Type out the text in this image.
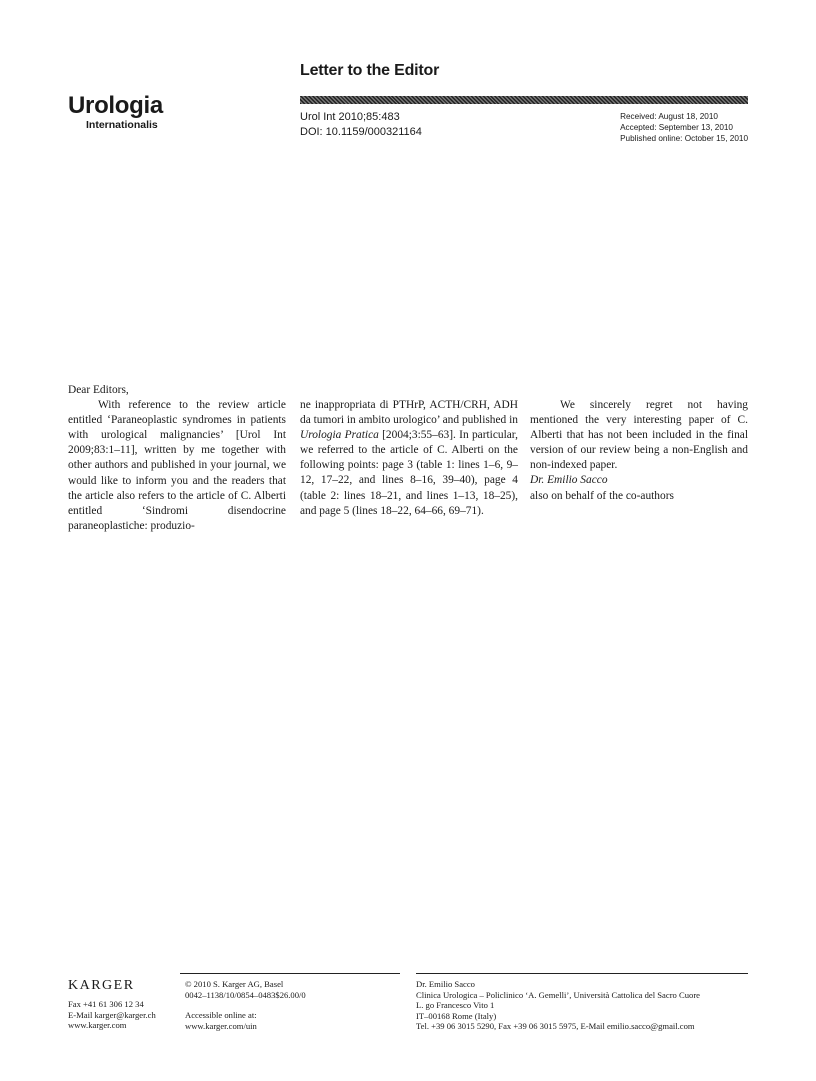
Letter to the Editor
Urologia
Internationalis
Urol Int 2010;85:483
DOI: 10.1159/000321164
Received: August 18, 2010
Accepted: September 13, 2010
Published online: October 15, 2010

Dear Editors,

With reference to the review article entitled ‘Paraneoplastic syndromes in patients with urological malignancies’ [Urol Int 2009;83:1–11], written by me together with other authors and published in your journal, we would like to inform you and the readers that the article also refers to the article of C. Alberti entitled ‘Sindromi disendocrine paraneoplastiche: produzio-

ne inappropriata di PTHrP, ACTH/CRH, ADH da tumori in ambito urologico’ and published in Urologia Pratica [2004;3:55–63]. In particular, we referred to the article of C. Alberti on the following points: page 3 (table 1: lines 1–6, 9–12, 17–22, and lines 8–16, 39–40), page 4 (table 2: lines 18–21, and lines 1–13, 18–25), and page 5 (lines 18–22, 64–66, 69–71).

We sincerely regret not having mentioned the very interesting paper of C. Alberti that has not been included in the final version of our review being a non-English and non-indexed paper.

Dr. Emilio Sacco

also on behalf of the co-authors

KARGER
Fax +41 61 306 12 34
E-Mail karger@karger.ch
www.karger.com
© 2010 S. Karger AG, Basel
0042–1138/10/0854–0483$26.00/0
Accessible online at:
www.karger.com/uin
Dr. Emilio Sacco
Clinica Urologica – Policlinico ‘A. Gemelli’, Università Cattolica del Sacro Cuore
L. go Francesco Vito 1
IT–00168 Rome (Italy)
Tel. +39 06 3015 5290, Fax +39 06 3015 5975, E-Mail emilio.sacco@gmail.com
